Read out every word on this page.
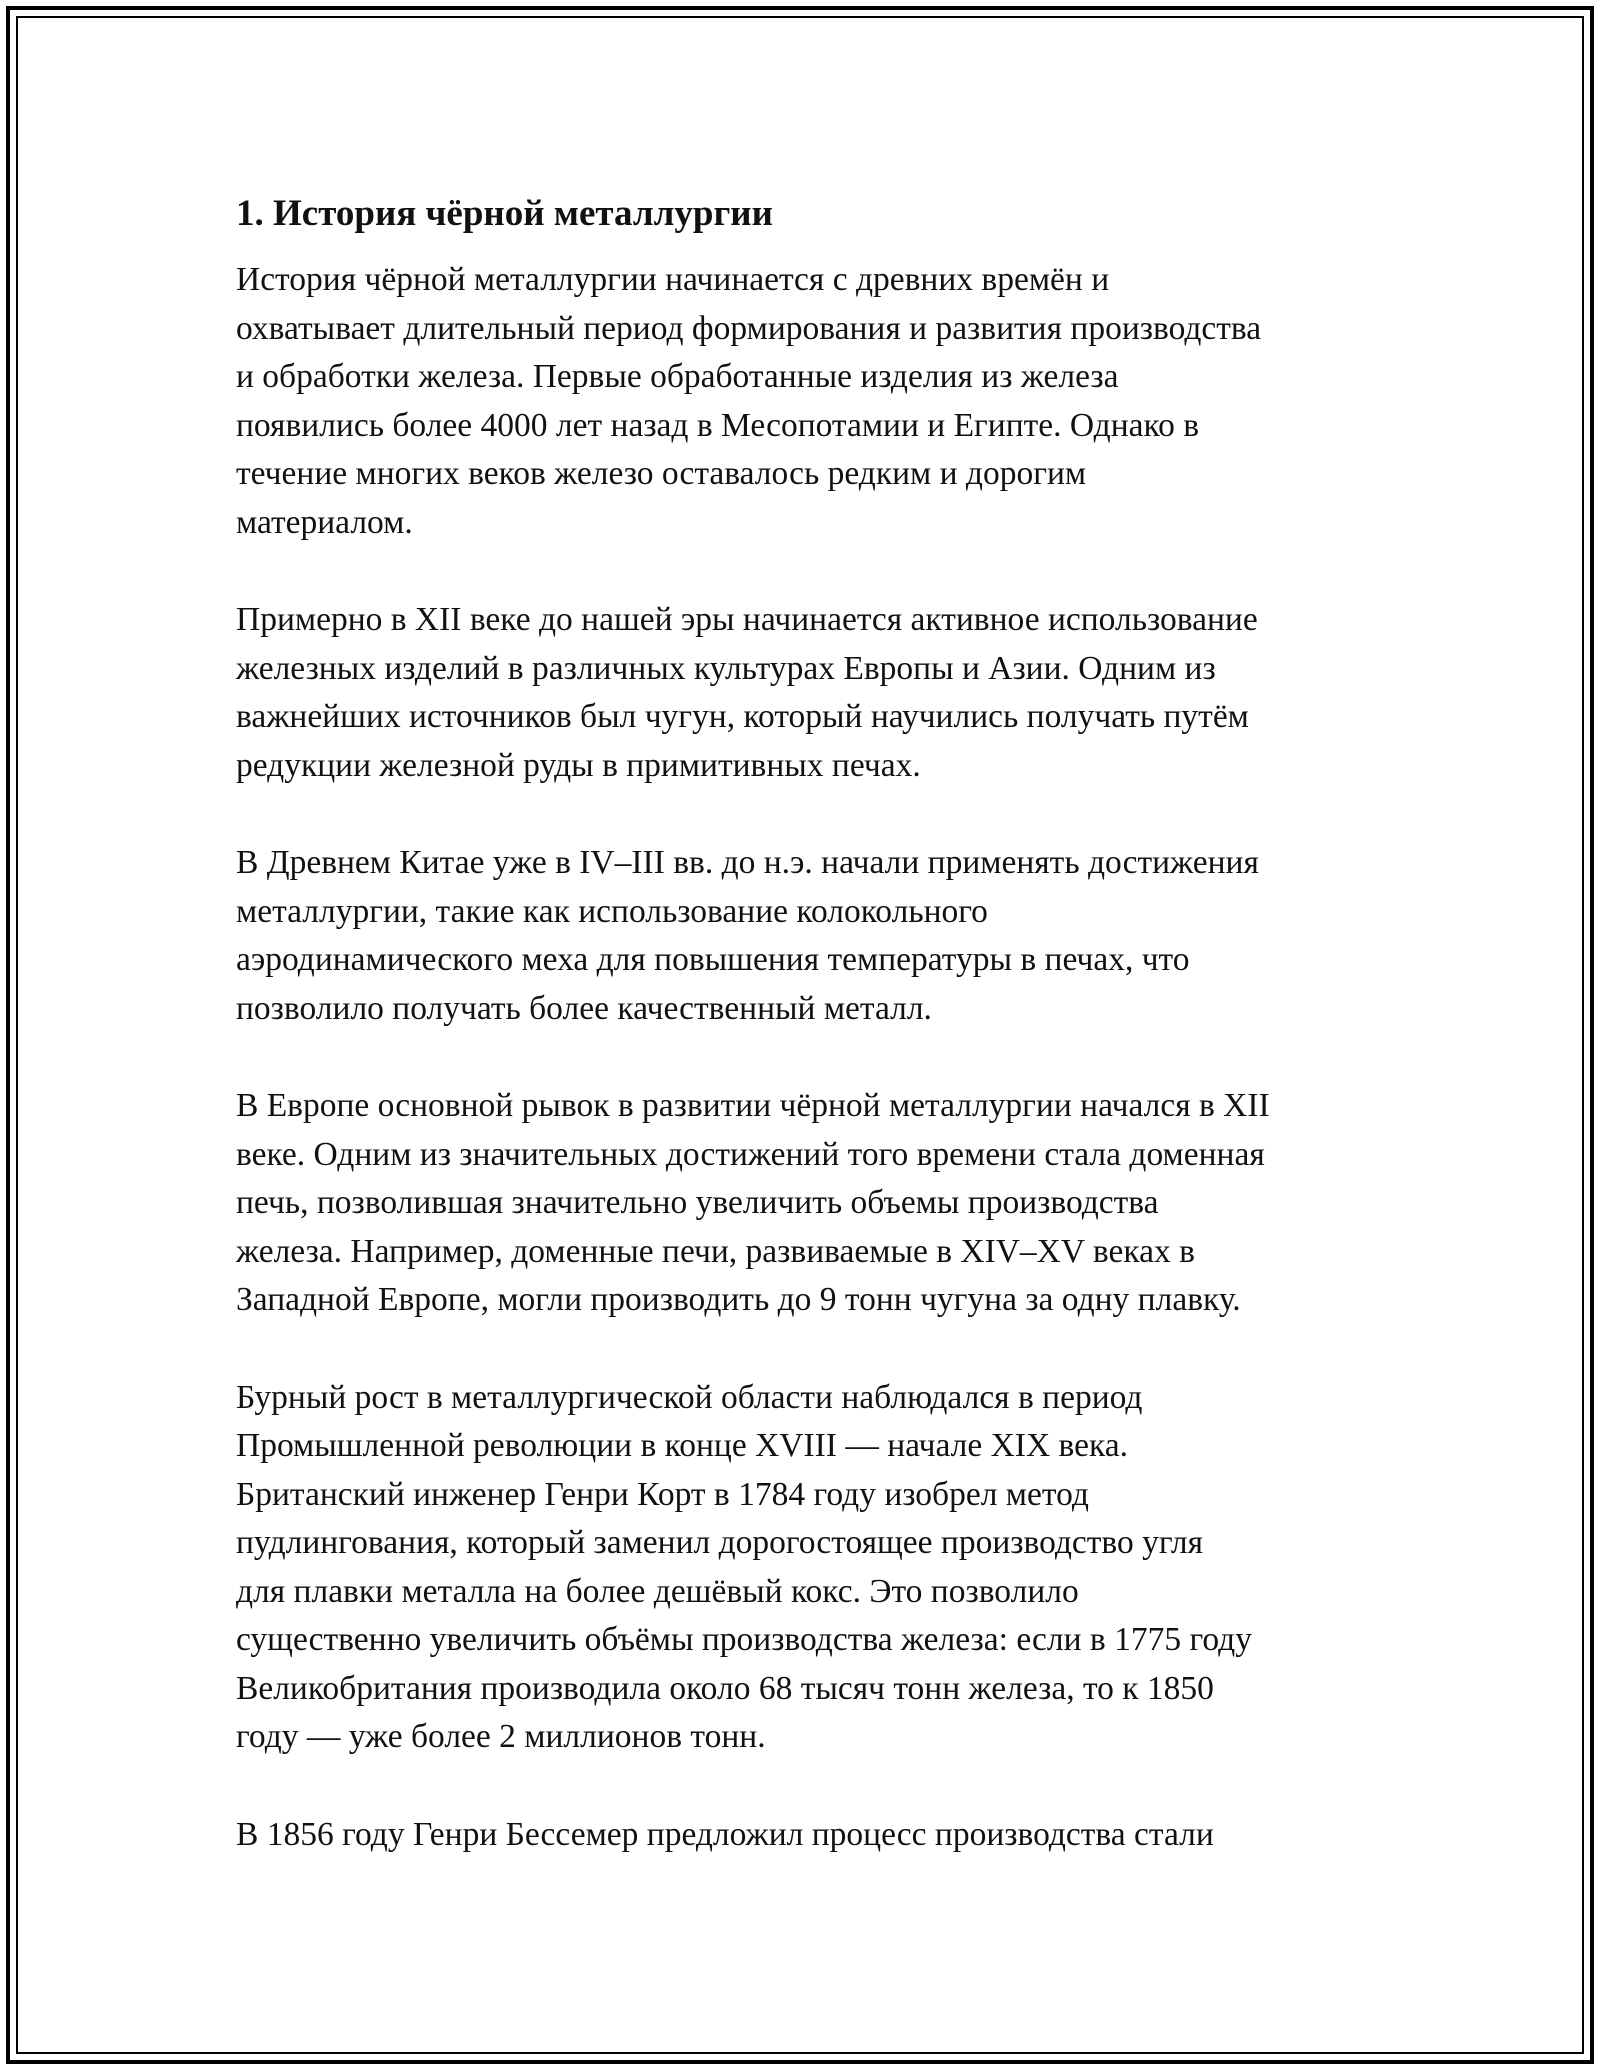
1. История чёрной металлургии
История чёрной металлургии начинается с древних времён и
охватывает длительный период формирования и развития производства
и обработки железа. Первые обработанные изделия из железа
появились более 4000 лет назад в Месопотамии и Египте. Однако в
течение многих веков железо оставалось редким и дорогим
материалом.
Примерно в XII веке до нашей эры начинается активное использование
железных изделий в различных культурах Европы и Азии. Одним из
важнейших источников был чугун, который научились получать путём
редукции железной руды в примитивных печах.
В Древнем Китае уже в IV–III вв. до н.э. начали применять достижения
металлургии, такие как использование колокольного
аэродинамического меха для повышения температуры в печах, что
позволило получать более качественный металл.
В Европе основной рывок в развитии чёрной металлургии начался в XII
веке. Одним из значительных достижений того времени стала доменная
печь, позволившая значительно увеличить объемы производства
железа. Например, доменные печи, развиваемые в XIV–XV веках в
Западной Европе, могли производить до 9 тонн чугуна за одну плавку.
Бурный рост в металлургической области наблюдался в период
Промышленной революции в конце XVIII — начале XIX века.
Британский инженер Генри Корт в 1784 году изобрел метод
пудлингования, который заменил дорогостоящее производство угля
для плавки металла на более дешёвый кокс. Это позволило
существенно увеличить объёмы производства железа: если в 1775 году
Великобритания производила около 68 тысяч тонн железа, то к 1850
году — уже более 2 миллионов тонн.
В 1856 году Генри Бессемер предложил процесс производства стали
